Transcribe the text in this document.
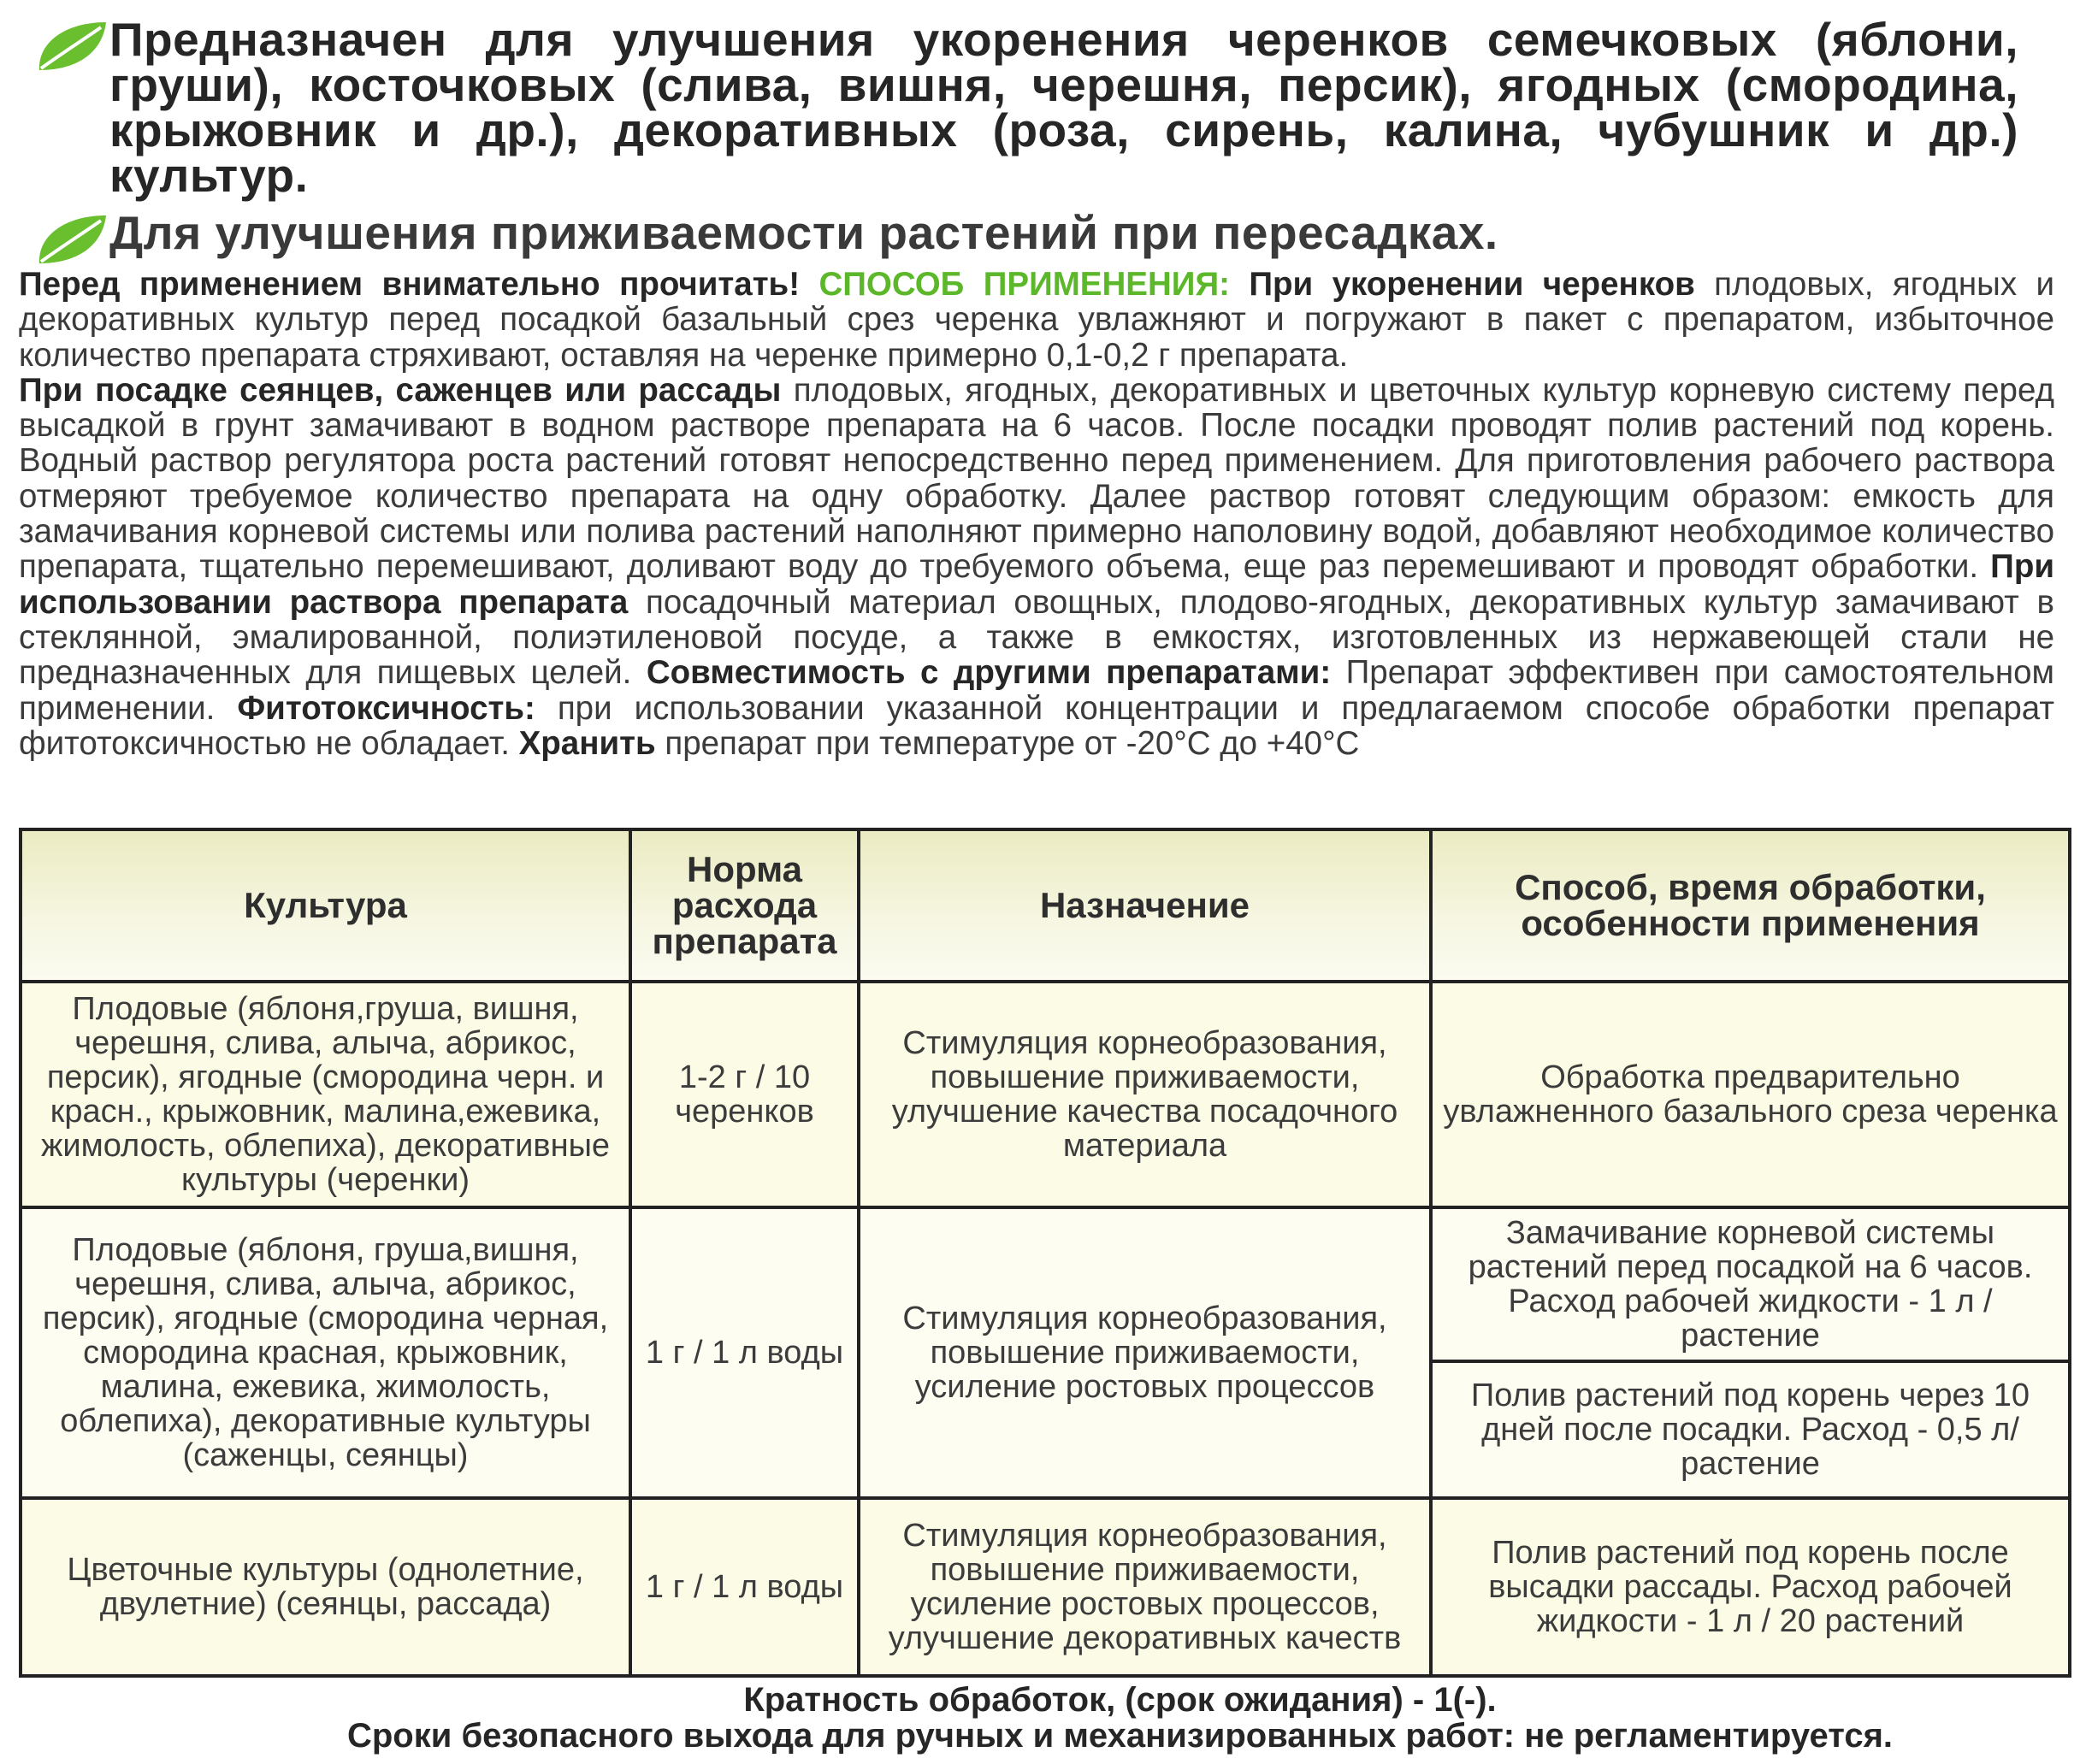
Предназначен для улучшения укоренения черенков семечковых (яблони, груши), косточковых (слива, вишня, черешня, персик), ягодных (смородина, крыжовник и др.), декоративных (роза, сирень, калина, чубушник и др.) культур.
Для улучшения приживаемости растений при пересадках.
Перед применением внимательно прочитать! СПОСОБ ПРИМЕНЕНИЯ: При укоренении черенков плодовых, ягодных и декоративных культур перед посадкой базальный срез черенка увлажняют и погружают в пакет с препаратом, избыточное количество препарата стряхивают, оставляя на черенке примерно 0,1-0,2 г препарата.
При посадке сеянцев, саженцев или рассады плодовых, ягодных, декоративных и цветочных культур корневую систему перед высадкой в грунт замачивают в водном растворе препарата на 6 часов. После посадки проводят полив растений под корень. Водный раствор регулятора роста растений готовят непосредственно перед применением. Для приготовления рабочего раствора отмеряют требуемое количество препарата на одну обработку. Далее раствор готовят следующим образом: емкость для замачивания корневой системы или полива растений наполняют примерно наполовину водой, добавляют необходимое количество препарата, тщательно перемешивают, доливают воду до требуемого объема, еще раз перемешивают и проводят обработки. При использовании раствора препарата посадочный материал овощных, плодово-ягодных, декоративных культур замачивают в стеклянной, эмалированной, полиэтиленовой посуде, а также в емкостях, изготовленных из нержавеющей стали не предназначенных для пищевых целей. Совместимость с другими препаратами: Препарат эффективен при самостоятельном применении. Фитотоксичность: при использовании указанной концентрации и предлагаемом способе обработки препарат фитотоксичностью не обладает. Хранить препарат при температуре от -20°С до +40°С
Культура	Норма расхода препарата	Назначение	Способ, время обработки, особенности применения
Плодовые (яблоня,груша, вишня, черешня, слива, алыча, абрикос, персик), ягодные (смородина черн. и красн., крыжовник, малина,ежевика, жимолость, облепиха), декоративные культуры (черенки)	1-2 г / 10 черенков	Стимуляция корнеобразования, повышение приживаемости, улучшение качества посадочного материала	Обработка предварительно увлажненного базального среза черенка
Плодовые (яблоня, груша,вишня, черешня, слива, алыча, абрикос, персик), ягодные (смородина черная, смородина красная, крыжовник, малина, ежевика, жимолость, облепиха), декоративные культуры (саженцы, сеянцы)	1 г / 1 л воды	Стимуляция корнеобразования, повышение приживаемости, усиление ростовых процессов	Замачивание корневой системы растений перед посадкой на 6 часов. Расход рабочей жидкости - 1 л / растение
			Полив растений под корень через 10 дней после посадки. Расход - 0,5 л/ растение
Цветочные культуры (однолетние, двулетние) (сеянцы, рассада)	1 г / 1 л воды	Стимуляция корнеобразования, повышение приживаемости, усиление ростовых процессов, улучшение декоративных качеств	Полив растений под корень после высадки рассады. Расход рабочей жидкости - 1 л / 20 растений
Кратность обработок, (срок ожидания) - 1(-).
Сроки безопасного выхода для ручных и механизированных работ: не регламентируется.
